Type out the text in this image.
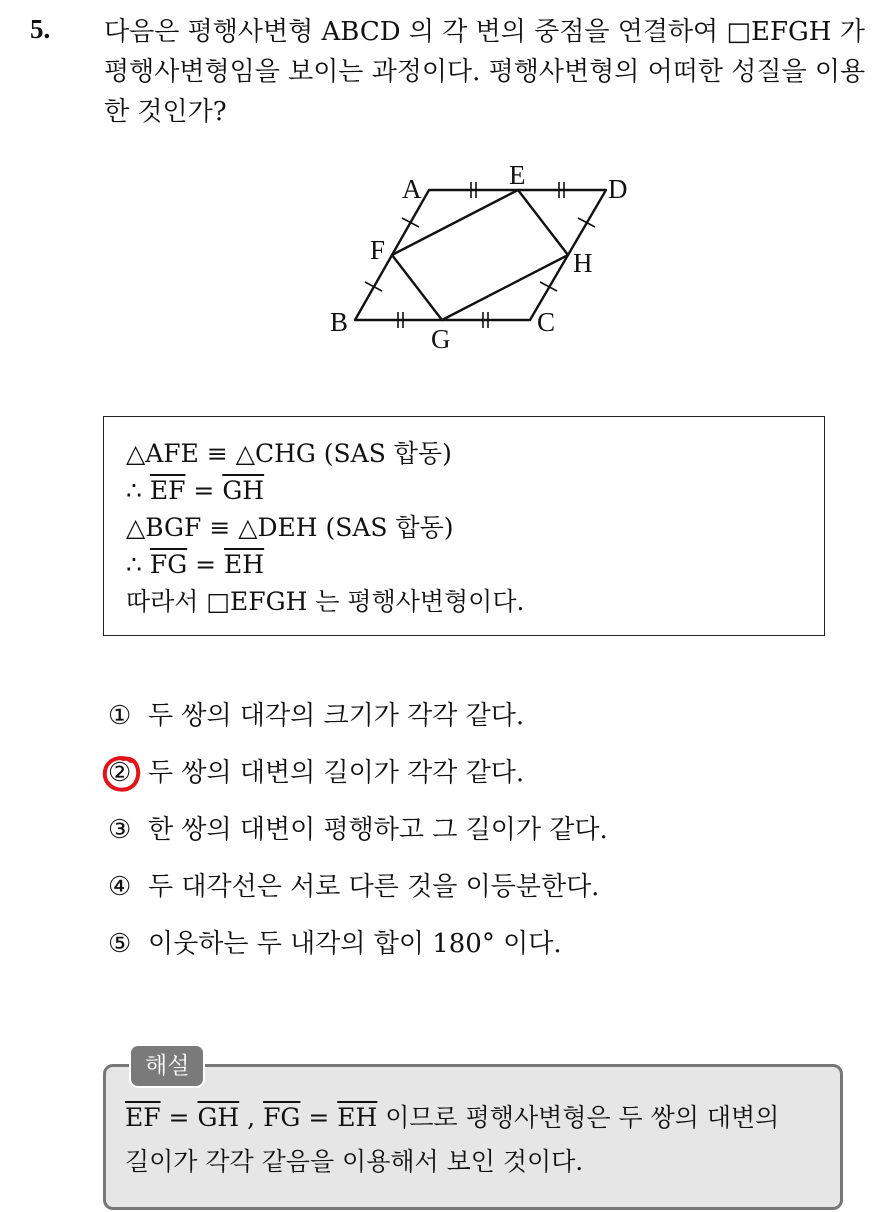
5. 다음은 평행사변형 ABCD 의 각 변의 중점을 연결하여 □EFGH 가
평행사변형임을 보이는 과정이다. 평행사변형의 어떠한 성질을 이용
한 것인가?
A	E	D
F	H
B
G
C
△AFE ≡ △CHG (SAS 합동)
∴ $\overline{EF} = \overline{GH}$
△BGF ≡ △DEH (SAS 합동)
∴ $\overline{FG} = \overline{EH}$
따라서 □EFGH 는 평행사변형이다.
① 두 쌍의 대각의 크기가 각각 같다.
② 두 쌍의 대변의 길이가 각각 같다.
③ 한 쌍의 대변이 평행하고 그 길이가 같다.
④ 두 대각선은 서로 다른 것을 이등분한다.
⑤ 이웃하는 두 내각의 합이 180° 이다.
해설
$\overline{EF} = \overline{GH}$ , $\overline{FG} = \overline{EH}$ 이므로 평행사변형은 두 쌍의 대변의
길이가 각각 같음을 이용해서 보인 것이다.
